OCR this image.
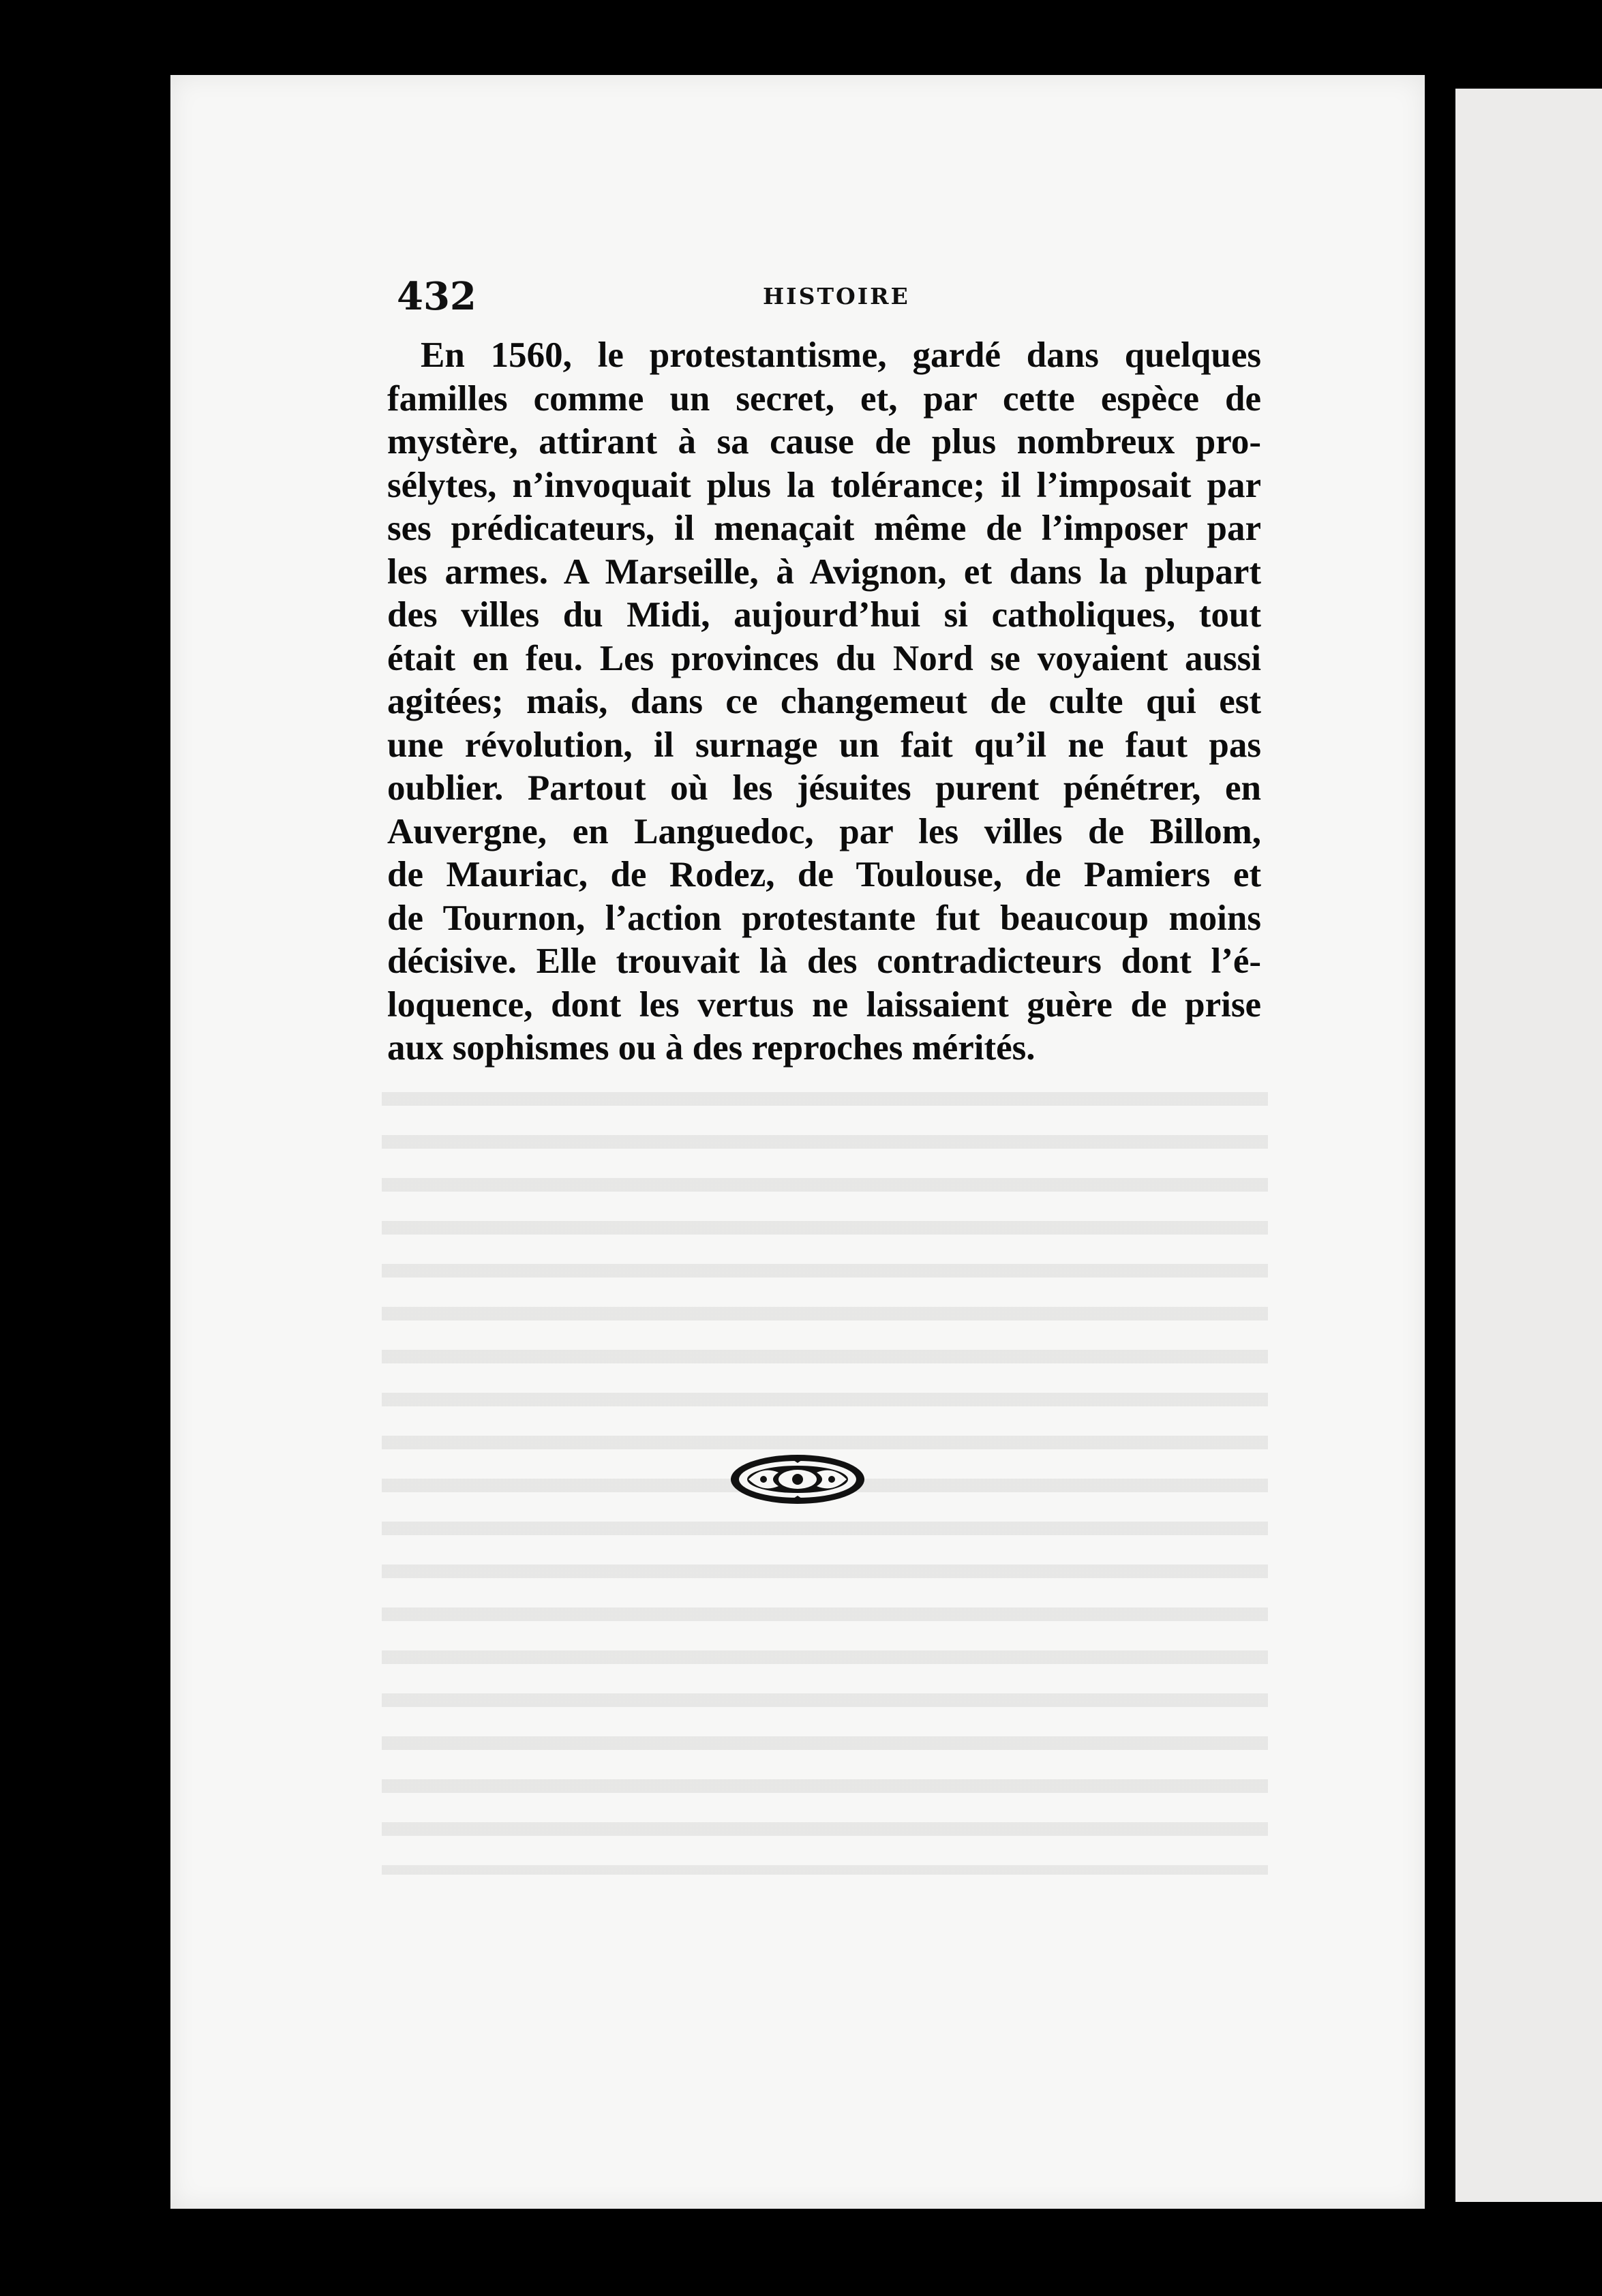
432	HISTOIRE
En 1560, le protestantisme, gardé dans quelques
familles comme un secret, et, par cette espèce de
mystère, attirant à sa cause de plus nombreux pro-
sélytes, n’invoquait plus la tolérance; il l’imposait par
ses prédicateurs, il menaçait même de l’imposer par
les armes. A Marseille, à Avignon, et dans la plupart
des villes du Midi, aujourd’hui si catholiques, tout
était en feu. Les provinces du Nord se voyaient aussi
agitées; mais, dans ce changemeut de culte qui est
une révolution, il surnage un fait qu’il ne faut pas
oublier. Partout où les jésuites purent pénétrer, en
Auvergne, en Languedoc, par les villes de Billom,
de Mauriac, de Rodez, de Toulouse, de Pamiers et
de Tournon, l’action protestante fut beaucoup moins
décisive. Elle trouvait là des contradicteurs dont l’é-
loquence, dont les vertus ne laissaient guère de prise
aux sophismes ou à des reproches mérités.
